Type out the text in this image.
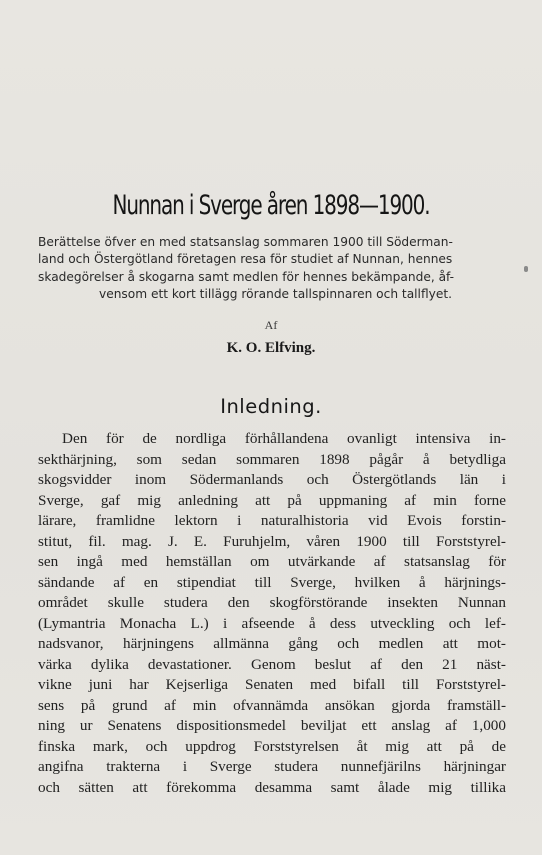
Nunnan i Sverge åren 1898—1900.
Berättelse öfver en med statsanslag sommaren 1900 till Söderman-
land och Östergötland företagen resa för studiet af Nunnan, hennes
skadegörelser å skogarna samt medlen för hennes bekämpande, åf-
vensom ett kort tillägg rörande tallspinnaren och tallflyet.
Af
K. O. Elfving.
Inledning.
Den för de nordliga förhållandena ovanligt intensiva in-
sekthärjning, som sedan sommaren 1898 pågår å betydliga
skogsvidder inom Södermanlands och Östergötlands län i
Sverge, gaf mig anledning att på uppmaning af min forne
lärare, framlidne lektorn i naturalhistoria vid Evois forstin-
stitut, fil. mag. J. E. Furuhjelm, våren 1900 till Forststyrel-
sen ingå med hemställan om utvärkande af statsanslag för
sändande af en stipendiat till Sverge, hvilken å härjnings-
området skulle studera den skogförstörande insekten Nunnan
(Lymantria Monacha L.) i afseende å dess utveckling och lef-
nadsvanor, härjningens allmänna gång och medlen att mot-
värka dylika devastationer. Genom beslut af den 21 näst-
vikne juni har Kejserliga Senaten med bifall till Forststyrel-
sens på grund af min ofvannämda ansökan gjorda framställ-
ning ur Senatens dispositionsmedel beviljat ett anslag af 1,000
finska mark, och uppdrog Forststyrelsen åt mig att på de
angifna trakterna i Sverge studera nunnefjärilns härjningar
och sätten att förekomma desamma samt ålade mig tillika
